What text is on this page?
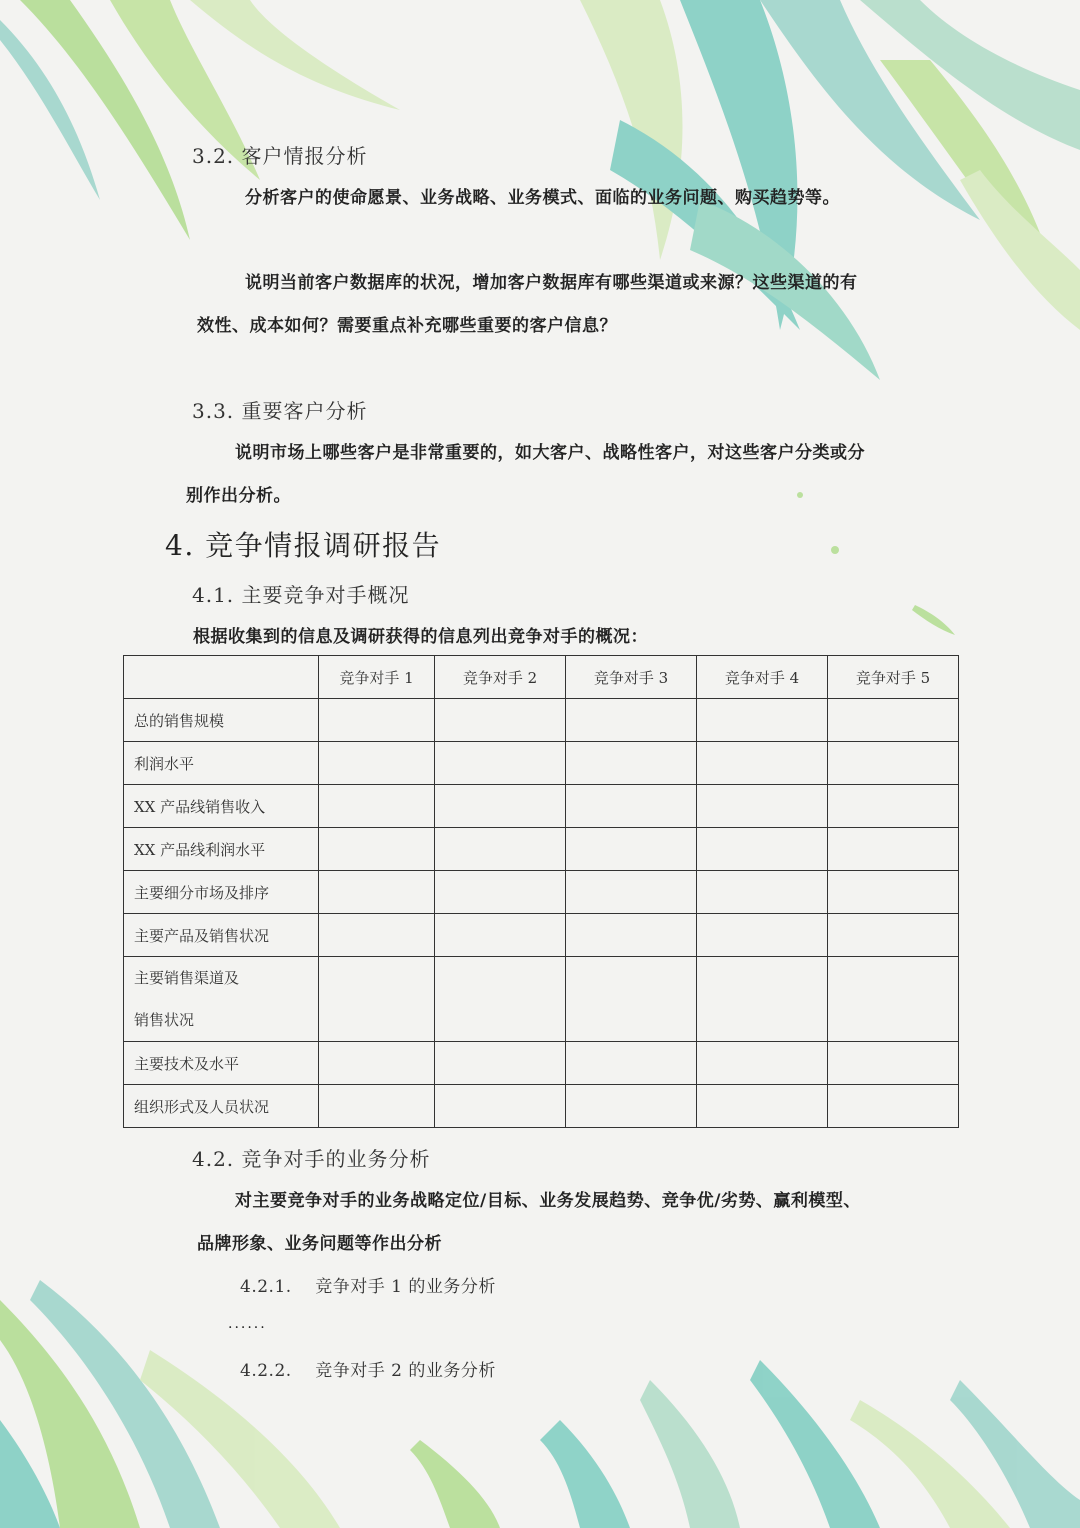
3.2. 客户情报分析
分析客户的使命愿景、业务战略、业务模式、面临的业务问题、购买趋势等。
说明当前客户数据库的状况，增加客户数据库有哪些渠道或来源？这些渠道的有
效性、成本如何？需要重点补充哪些重要的客户信息？
3.3. 重要客户分析
说明市场上哪些客户是非常重要的，如大客户、战略性客户，对这些客户分类或分
别作出分析。
4. 竞争情报调研报告
4.1. 主要竞争对手概况
根据收集到的信息及调研获得的信息列出竞争对手的概况：
	竞争对手 1	竞争对手 2	竞争对手 3	竞争对手 4	竞争对手 5
总的销售规模					
利润水平					
XX 产品线销售收入					
XX 产品线利润水平					
主要细分市场及排序					
主要产品及销售状况					
主要销售渠道及
销售状况					
主要技术及水平					
组织形式及人员状况					
4.2. 竞争对手的业务分析
对主要竞争对手的业务战略定位/目标、业务发展趋势、竞争优/劣势、赢利模型、
品牌形象、业务问题等作出分析
4.2.1.    竞争对手 1 的业务分析
......
4.2.2.    竞争对手 2 的业务分析
